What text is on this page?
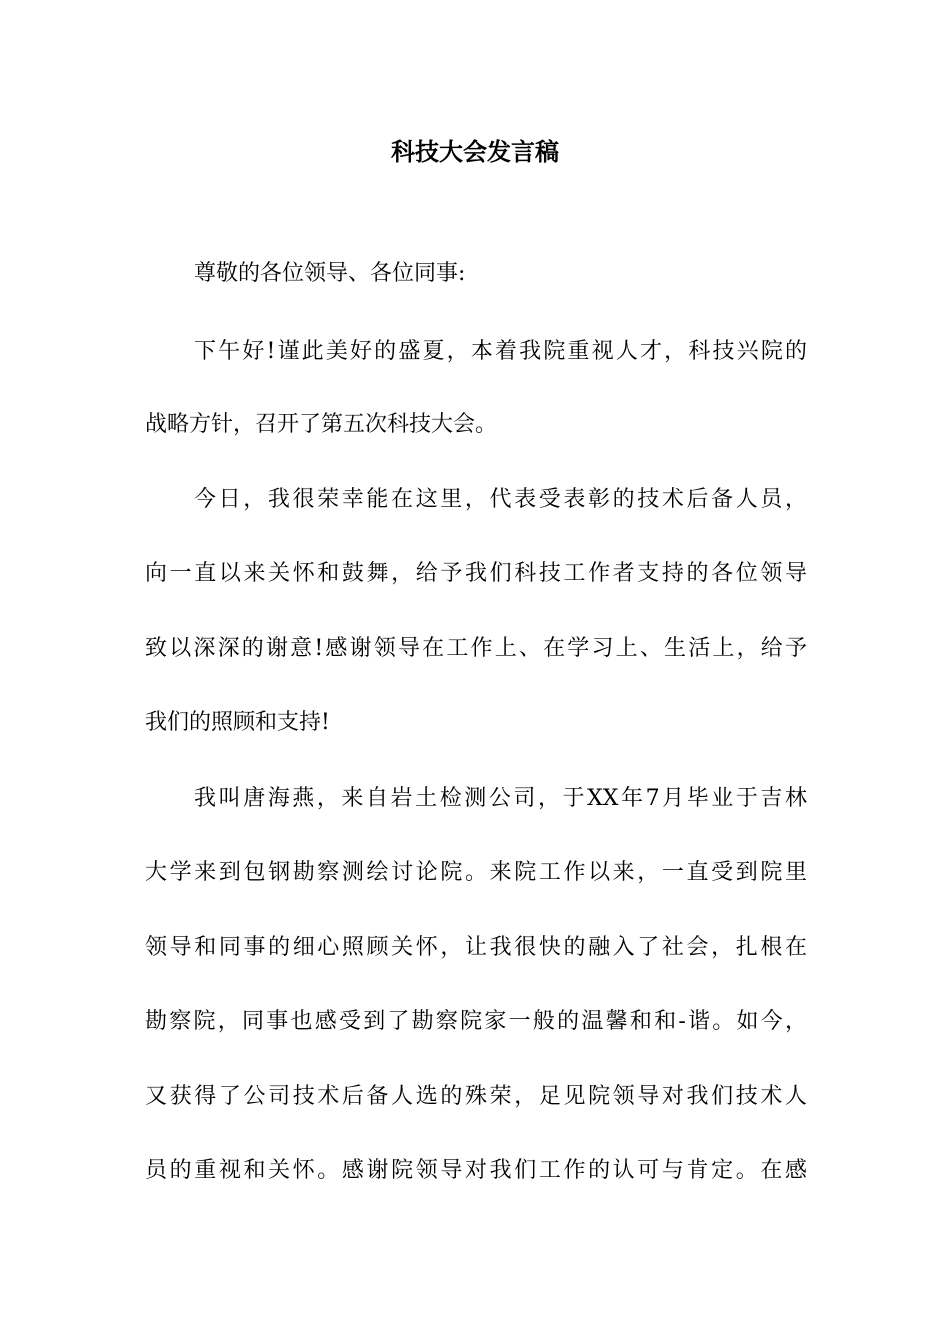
科技大会发言稿

尊敬的各位领导、各位同事:

下午好!谨此美好的盛夏，本着我院重视人才，科技兴院的

战略方针，召开了第五次科技大会。

今日，我很荣幸能在这里，代表受表彰的技术后备人员，

向一直以来关怀和鼓舞，给予我们科技工作者支持的各位领导

致以深深的谢意!感谢领导在工作上、在学习上、生活上，给予

我们的照顾和支持!

我叫唐海燕，来自岩土检测公司，于XX年7月毕业于吉林

大学来到包钢勘察测绘讨论院。来院工作以来，一直受到院里

领导和同事的细心照顾关怀，让我很快的融入了社会，扎根在

勘察院，同事也感受到了勘察院家一般的温馨和和-谐。如今，

又获得了公司技术后备人选的殊荣，足见院领导对我们技术人

员的重视和关怀。感谢院领导对我们工作的认可与肯定。在感
